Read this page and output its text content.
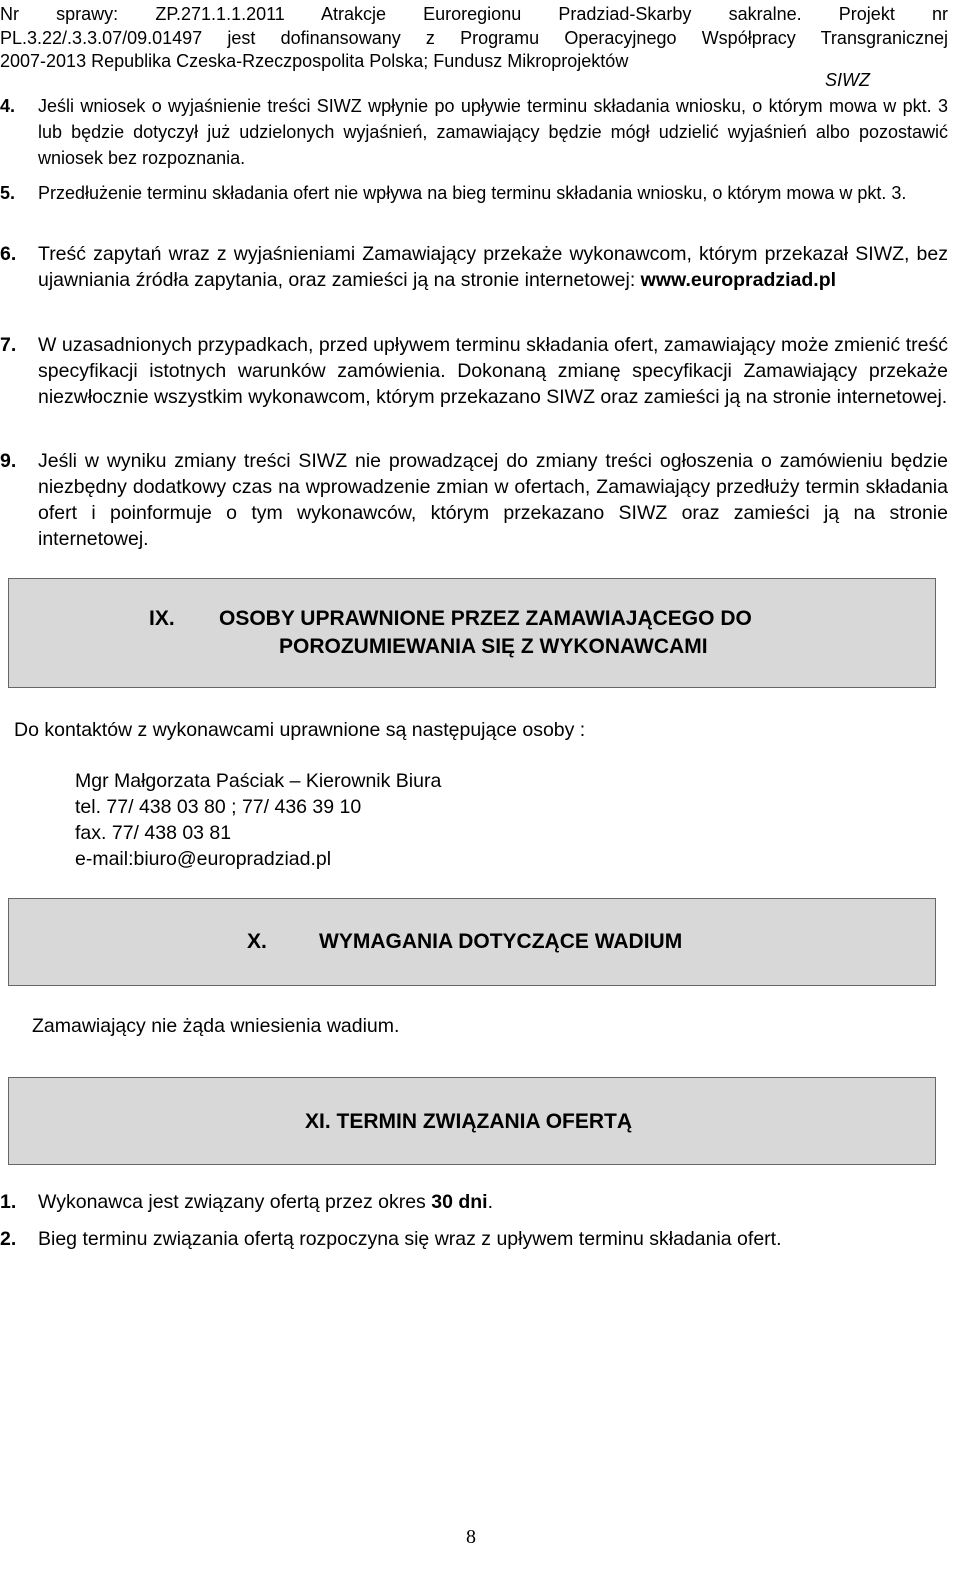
Nr sprawy: ZP.271.1.1.2011 Atrakcje Euroregionu Pradziad-Skarby sakralne. Projekt nr
PL.3.22/.3.3.07/09.01497 jest dofinansowany z Programu Operacyjnego Współpracy Transgranicznej
2007-2013 Republika Czeska-Rzeczpospolita Polska; Fundusz Mikroprojektów
SIWZ
4.	Jeśli wniosek o wyjaśnienie treści SIWZ wpłynie po upływie terminu składania wniosku, o którym mowa w pkt. 3 lub będzie dotyczył już udzielonych wyjaśnień, zamawiający będzie mógł udzielić wyjaśnień albo pozostawić wniosek bez rozpoznania.
5.	Przedłużenie terminu składania ofert nie wpływa na bieg terminu składania wniosku, o którym mowa w pkt. 3.
6.	Treść zapytań wraz z wyjaśnieniami Zamawiający przekaże wykonawcom, którym przekazał SIWZ, bez ujawniania źródła zapytania, oraz zamieści ją na stronie internetowej: www.europradziad.pl
7.	W uzasadnionych przypadkach, przed upływem terminu składania ofert, zamawiający może zmienić treść specyfikacji istotnych warunków zamówienia. Dokonaną zmianę specyfikacji Zamawiający przekaże niezwłocznie wszystkim wykonawcom, którym przekazano SIWZ oraz zamieści ją na stronie internetowej.
9.	Jeśli w wyniku zmiany treści SIWZ nie prowadzącej do zmiany treści ogłoszenia o zamówieniu będzie niezbędny dodatkowy czas na wprowadzenie zmian w ofertach, Zamawiający przedłuży termin składania ofert i poinformuje o tym wykonawców, którym przekazano SIWZ oraz zamieści ją na stronie internetowej.
IX. OSOBY UPRAWNIONE PRZEZ ZAMAWIAJĄCEGO DO
POROZUMIEWANIA SIĘ Z WYKONAWCAMI
Do kontaktów z wykonawcami uprawnione są następujące osoby :
Mgr Małgorzata Paściak – Kierownik Biura
tel. 77/ 438 03 80 ; 77/ 436 39 10
fax. 77/ 438 03 81
e-mail:biuro@europradziad.pl
X. WYMAGANIA DOTYCZĄCE WADIUM
Zamawiający nie żąda wniesienia wadium.
XI. TERMIN ZWIĄZANIA OFERTĄ
1. Wykonawca jest związany ofertą przez okres 30 dni.
2. Bieg terminu związania ofertą rozpoczyna się wraz z upływem terminu składania ofert.
8
